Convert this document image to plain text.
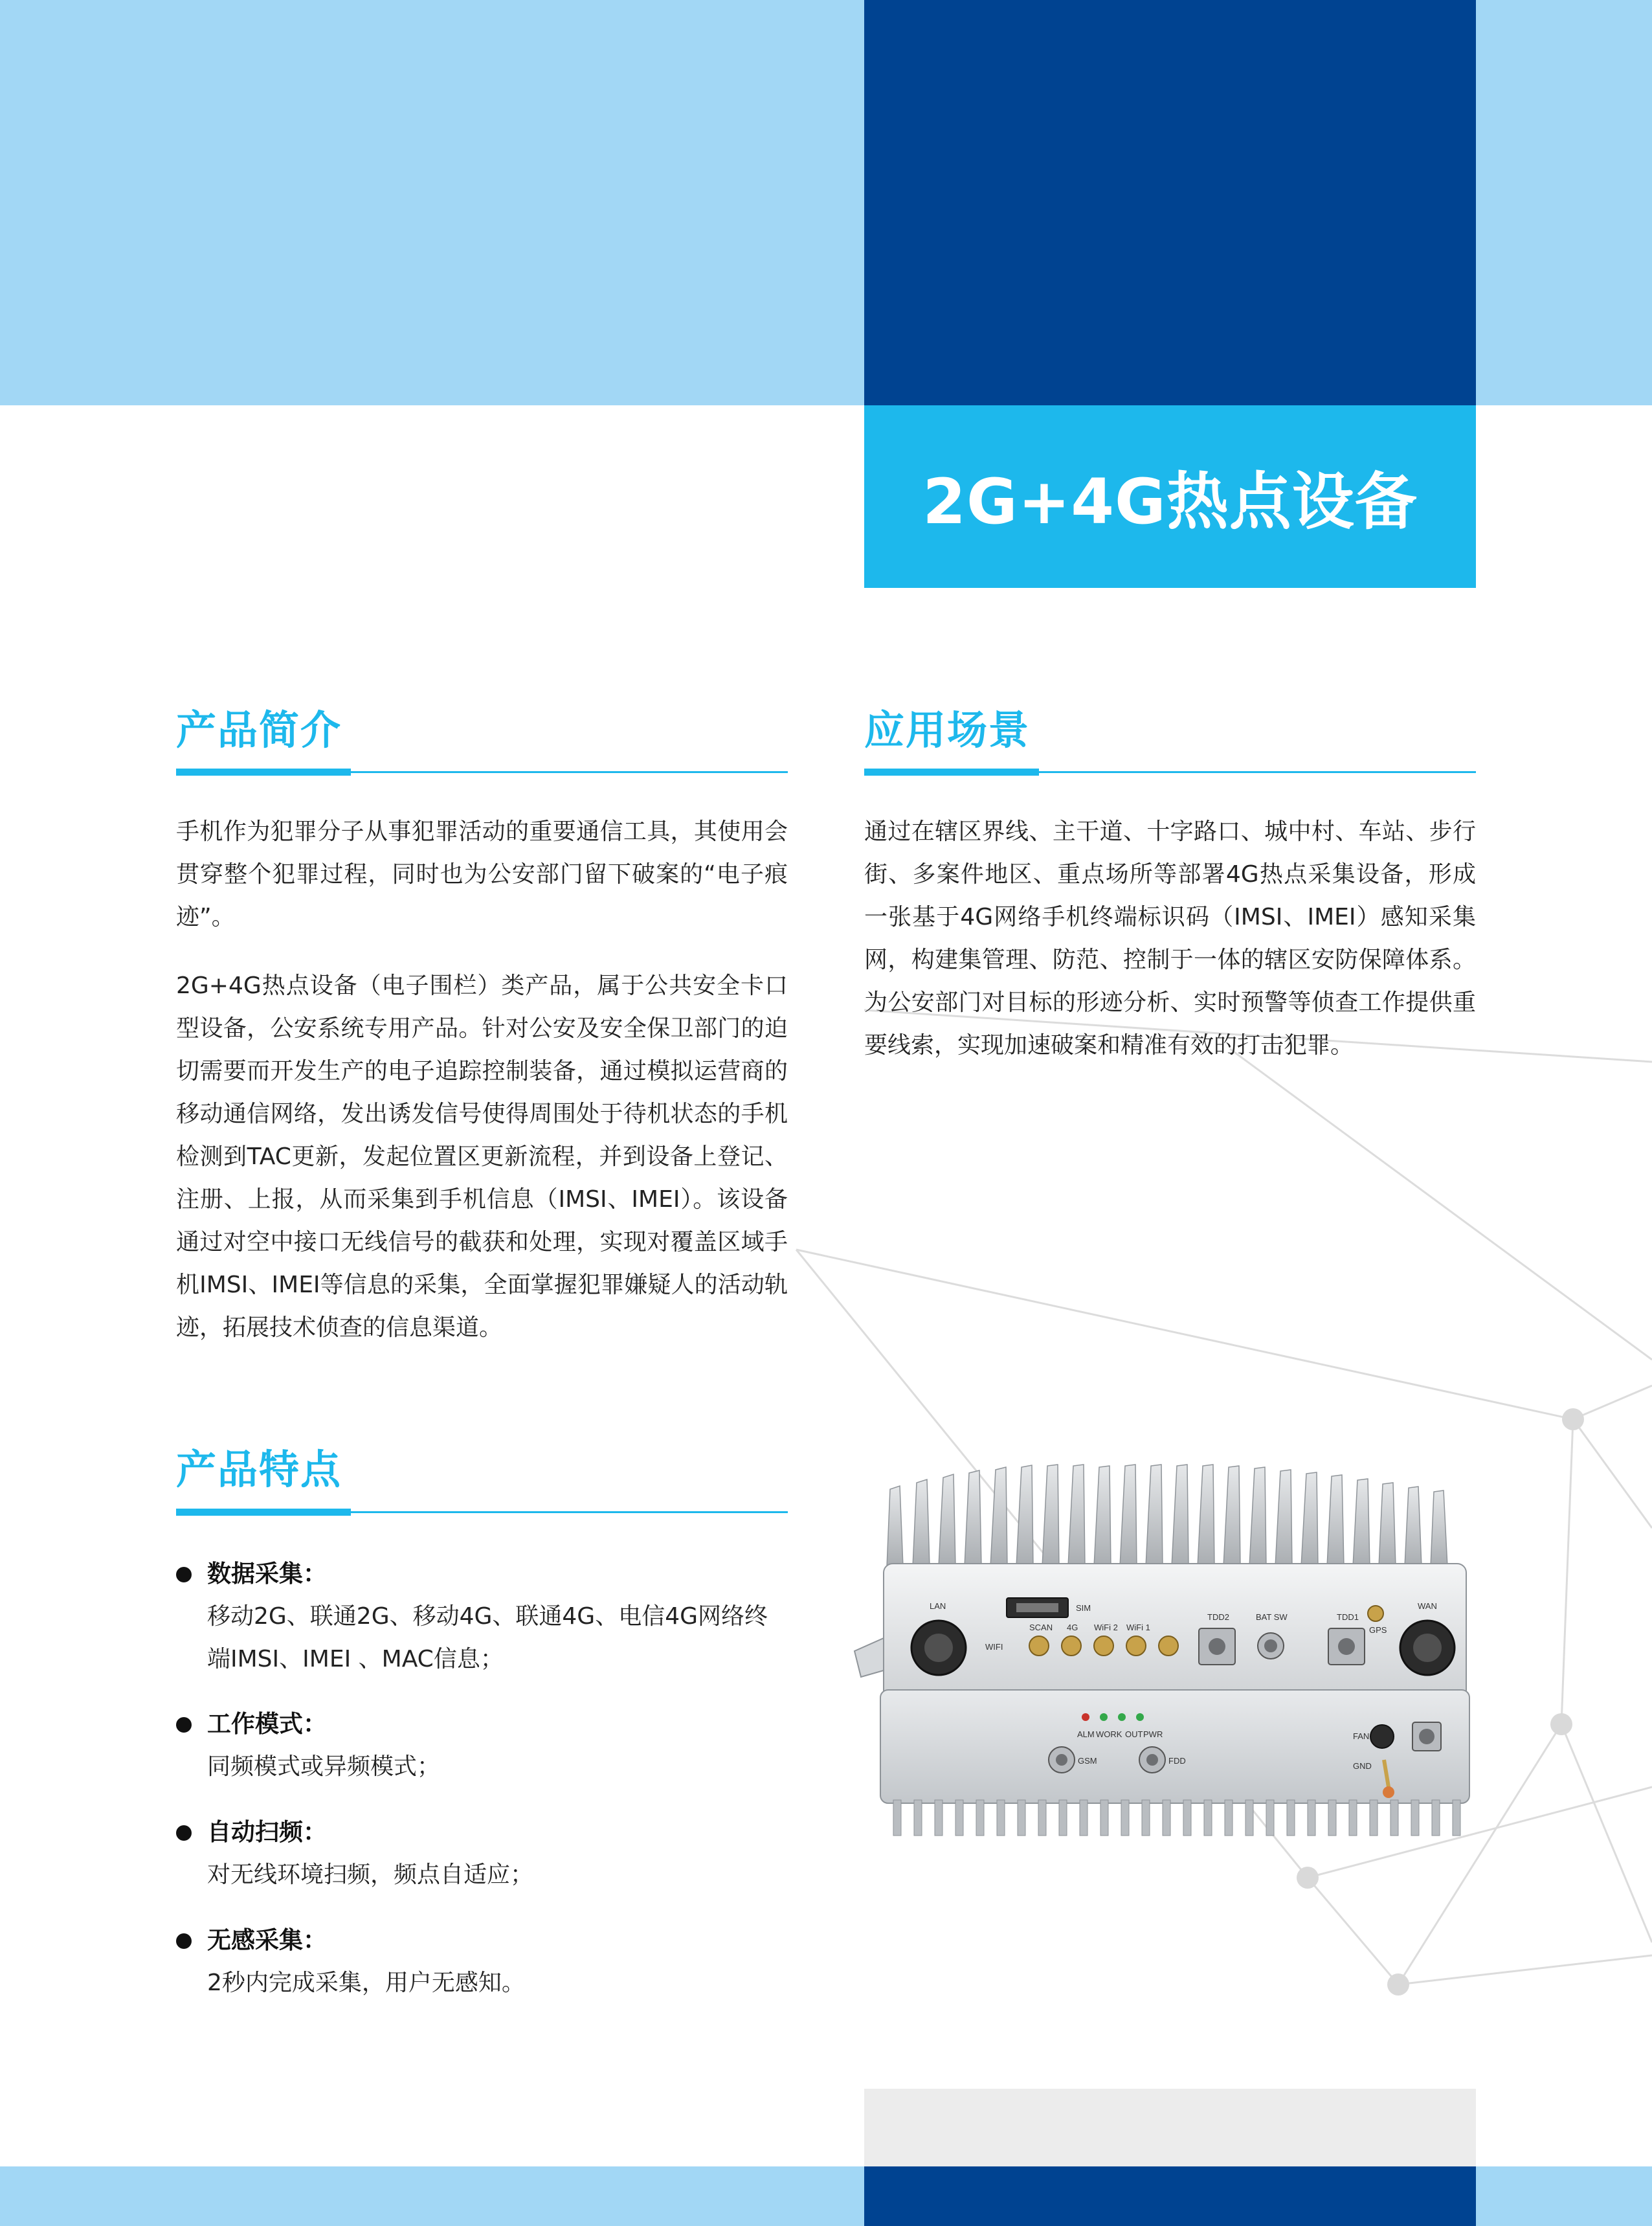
2G+4G热点设备
产品简介

手机作为犯罪分子从事犯罪活动的重要通信工具，其使用会贯穿整个犯罪过程，同时也为公安部门留下破案的“电子痕迹”。

2G+4G热点设备（电子围栏）类产品，属于公共安全卡口型设备，公安系统专用产品。针对公安及安全保卫部门的迫切需要而开发生产的电子追踪控制装备，通过模拟运营商的移动通信网络，发出诱发信号使得周围处于待机状态的手机检测到TAC更新，发起位置区更新流程，并到设备上登记、注册、上报，从而采集到手机信息（IMSI、IMEI）。该设备通过对空中接口无线信号的截获和处理，实现对覆盖区域手机IMSI、IMEI等信息的采集，全面掌握犯罪嫌疑人的活动轨迹，拓展技术侦查的信息渠道。

应用场景

通过在辖区界线、主干道、十字路口、城中村、车站、步行街、多案件地区、重点场所等部署4G热点采集设备，形成一张基于4G网络手机终端标识码（IMSI、IMEI）感知采集网，构建集管理、防范、控制于一体的辖区安防保障体系。为公安部门对目标的形迹分析、实时预警等侦查工作提供重要线索，实现加速破案和精准有效的打击犯罪。

产品特点
数据采集：
移动2G、联通2G、移动4G、联通4G、电信4G网络终端IMSI、IMEI 、MAC信息；
工作模式：
同频模式或异频模式；
自动扫频：
对无线环境扫频，频点自适应；
无感采集：
2秒内完成采集，用户无感知。
LAN
WIFI
SIM
SCAN 4G WiFi 2 WiFi 1
TDD2	BAT SW	TDD1
GPS
WAN
ALM WORK OUT PWR
GSM	FDD
FAN
GND
